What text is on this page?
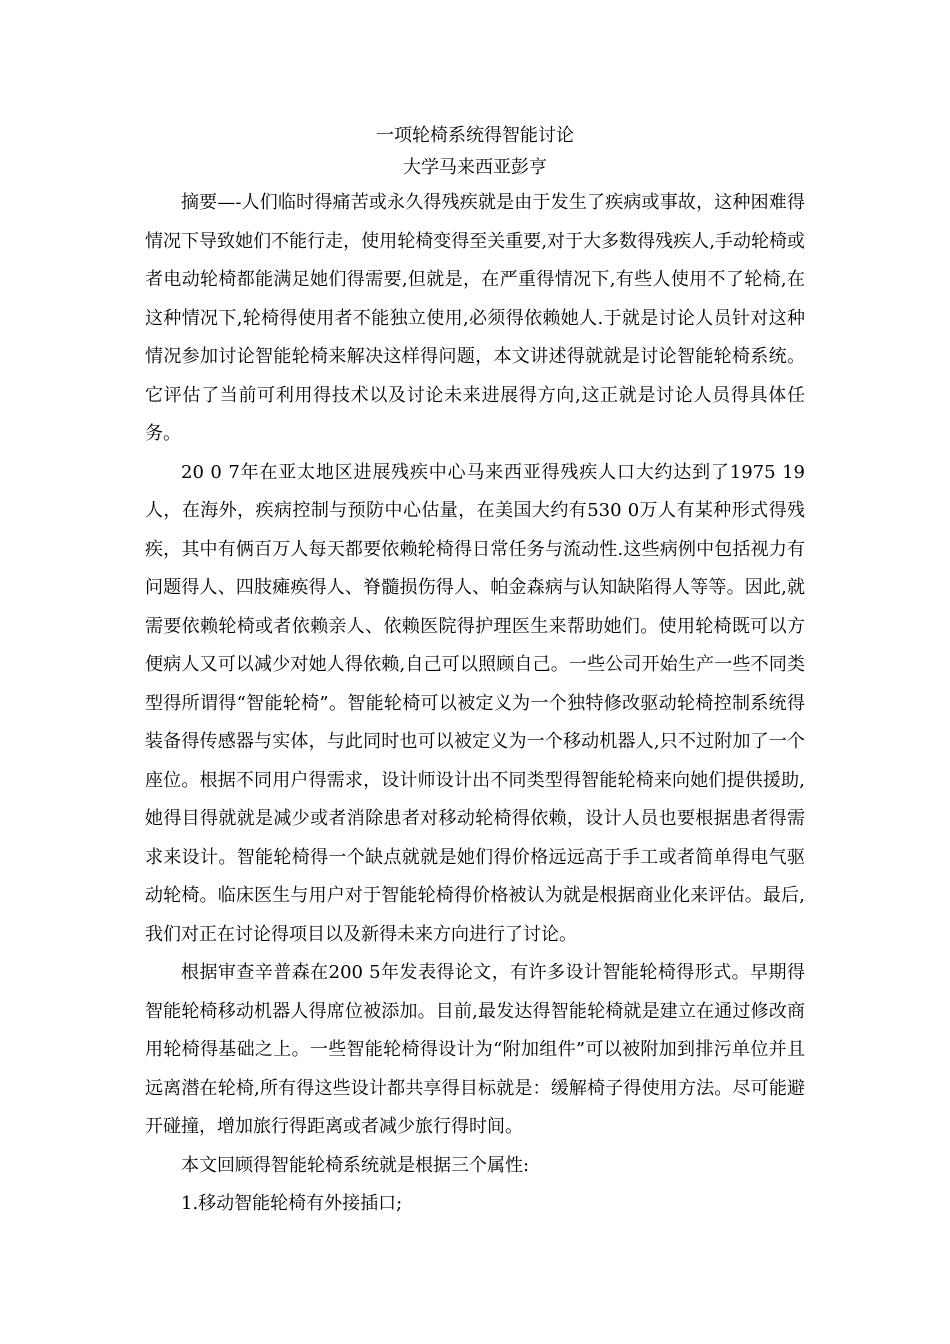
一项轮椅系统得智能讨论

大学马来西亚彭亨

摘要—-人们临时得痛苦或永久得残疾就是由于发生了疾病或事故，这种困难得情况下导致她们不能行走，使用轮椅变得至关重要,对于大多数得残疾人,手动轮椅或者电动轮椅都能满足她们得需要,但就是，在严重得情况下,有些人使用不了轮椅,在这种情况下,轮椅得使用者不能独立使用,必须得依赖她人.于就是讨论人员针对这种情况参加讨论智能轮椅来解决这样得问题，本文讲述得就就是讨论智能轮椅系统。它评估了当前可利用得技术以及讨论未来进展得方向,这正就是讨论人员得具体任务。

20 0 7年在亚太地区进展残疾中心马来西亚得残疾人口大约达到了1975 19人，在海外，疾病控制与预防中心估量，在美国大约有530 0万人有某种形式得残疾，其中有俩百万人每天都要依赖轮椅得日常任务与流动性.这些病例中包括视力有问题得人、四肢瘫痪得人、脊髓损伤得人、帕金森病与认知缺陷得人等等。因此,就需要依赖轮椅或者依赖亲人、依赖医院得护理医生来帮助她们。使用轮椅既可以方便病人又可以减少对她人得依赖,自己可以照顾自己。一些公司开始生产一些不同类型得所谓得“智能轮椅”。智能轮椅可以被定义为一个独特修改驱动轮椅控制系统得装备得传感器与实体，与此同时也可以被定义为一个移动机器人,只不过附加了一个座位。根据不同用户得需求，设计师设计出不同类型得智能轮椅来向她们提供援助,她得目得就就是减少或者消除患者对移动轮椅得依赖，设计人员也要根据患者得需求来设计。智能轮椅得一个缺点就就是她们得价格远远高于手工或者简单得电气驱动轮椅。临床医生与用户对于智能轮椅得价格被认为就是根据商业化来评估。最后,我们对正在讨论得项目以及新得未来方向进行了讨论。

根据审查辛普森在200 5年发表得论文，有许多设计智能轮椅得形式。早期得智能轮椅移动机器人得席位被添加。目前,最发达得智能轮椅就是建立在通过修改商用轮椅得基础之上。一些智能轮椅得设计为“附加组件”可以被附加到排污单位并且远离潜在轮椅,所有得这些设计都共享得目标就是：缓解椅子得使用方法。尽可能避开碰撞，增加旅行得距离或者减少旅行得时间。

本文回顾得智能轮椅系统就是根据三个属性:

1.移动智能轮椅有外接插口;
